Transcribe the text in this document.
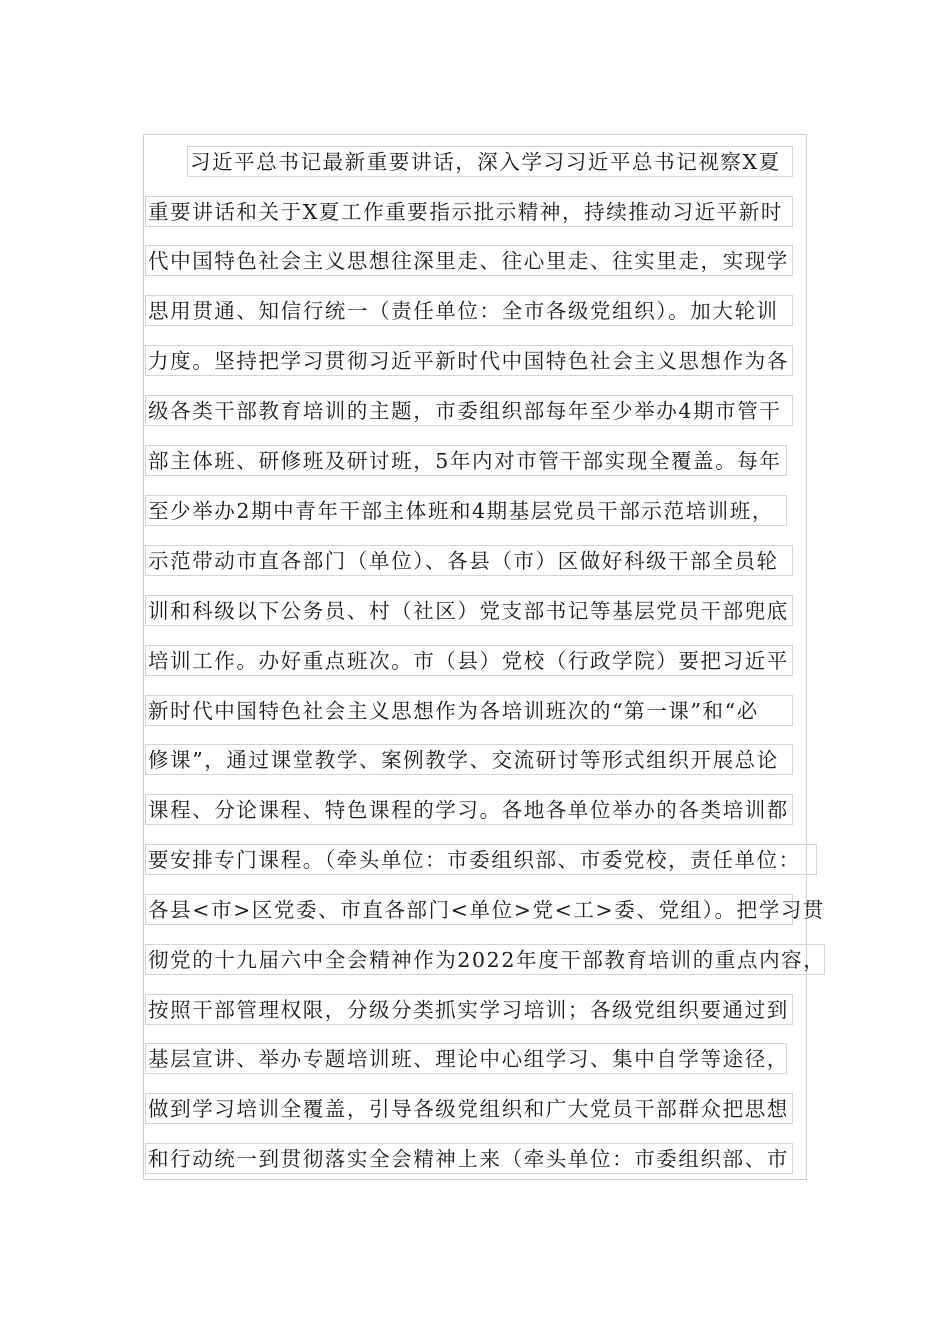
习近平总书记最新重要讲话，深入学习习近平总书记视察X夏
重要讲话和关于X夏工作重要指示批示精神，持续推动习近平新时
代中国特色社会主义思想往深里走、往心里走、往实里走，实现学
思用贯通、知信行统一（责任单位：全市各级党组织）。加大轮训
力度。坚持把学习贯彻习近平新时代中国特色社会主义思想作为各
级各类干部教育培训的主题，市委组织部每年至少举办4期市管干
部主体班、研修班及研讨班，5年内对市管干部实现全覆盖。每年
至少举办2期中青年干部主体班和4期基层党员干部示范培训班，
示范带动市直各部门（单位）、各县（市）区做好科级干部全员轮
训和科级以下公务员、村（社区）党支部书记等基层党员干部兜底
培训工作。办好重点班次。市（县）党校（行政学院）要把习近平
新时代中国特色社会主义思想作为各培训班次的“第一课”和“必
修课”，通过课堂教学、案例教学、交流研讨等形式组织开展总论
课程、分论课程、特色课程的学习。各地各单位举办的各类培训都
要安排专门课程。（牵头单位：市委组织部、市委党校，责任单位：
各县<市>区党委、市直各部门<单位>党<工>委、党组）。把学习贯
彻党的十九届六中全会精神作为2022年度干部教育培训的重点内容，
按照干部管理权限，分级分类抓实学习培训；各级党组织要通过到
基层宣讲、举办专题培训班、理论中心组学习、集中自学等途径，
做到学习培训全覆盖，引导各级党组织和广大党员干部群众把思想
和行动统一到贯彻落实全会精神上来（牵头单位：市委组织部、市
